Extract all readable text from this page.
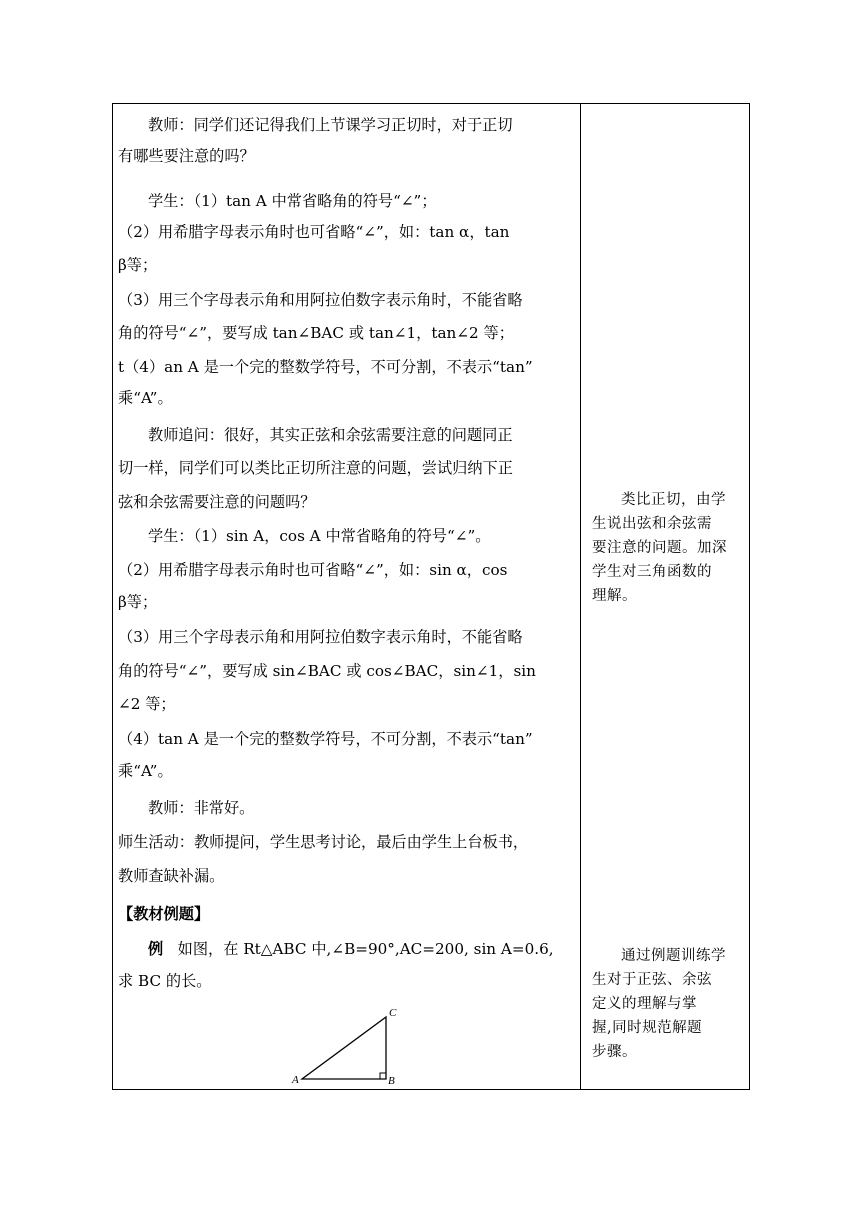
教师：同学们还记得我们上节课学习正切时，对于正切
有哪些要注意的吗？
学生：（1）tan A 中常省略角的符号“∠”；
（2）用希腊字母表示角时也可省略“∠”，如：tan α，tan
β等；
（3）用三个字母表示角和用阿拉伯数字表示角时，不能省略
角的符号“∠”，要写成 tan∠BAC 或 tan∠1，tan∠2 等；
t（4）an A 是一个完的整数学符号，不可分割，不表示“tan”
乘“A”。
教师追问：很好，其实正弦和余弦需要注意的问题同正
切一样，同学们可以类比正切所注意的问题，尝试归纳下正
弦和余弦需要注意的问题吗？
学生：（1）sin A，cos A 中常省略角的符号“∠”。
（2）用希腊字母表示角时也可省略“∠”，如：sin α，cos
β等；
（3）用三个字母表示角和用阿拉伯数字表示角时，不能省略
角的符号“∠”，要写成 sin∠BAC 或 cos∠BAC，sin∠1，sin
∠2 等；
（4）tan A 是一个完的整数学符号，不可分割，不表示“tan”
乘“A”。
教师：非常好。
师生活动：教师提问，学生思考讨论，最后由学生上台板书，
教师查缺补漏。
【教材例题】
例 如图，在 Rt△ABC 中,∠B=90°,AC=200, sin A=0.6,
求 BC 的长。
A	B
C
类比正切，由学
生说出弦和余弦需
要注意的问题。加深
学生对三角函数的
理解。
通过例题训练学
生对于正弦、余弦
定义的理解与掌
握,同时规范解题
步骤。
